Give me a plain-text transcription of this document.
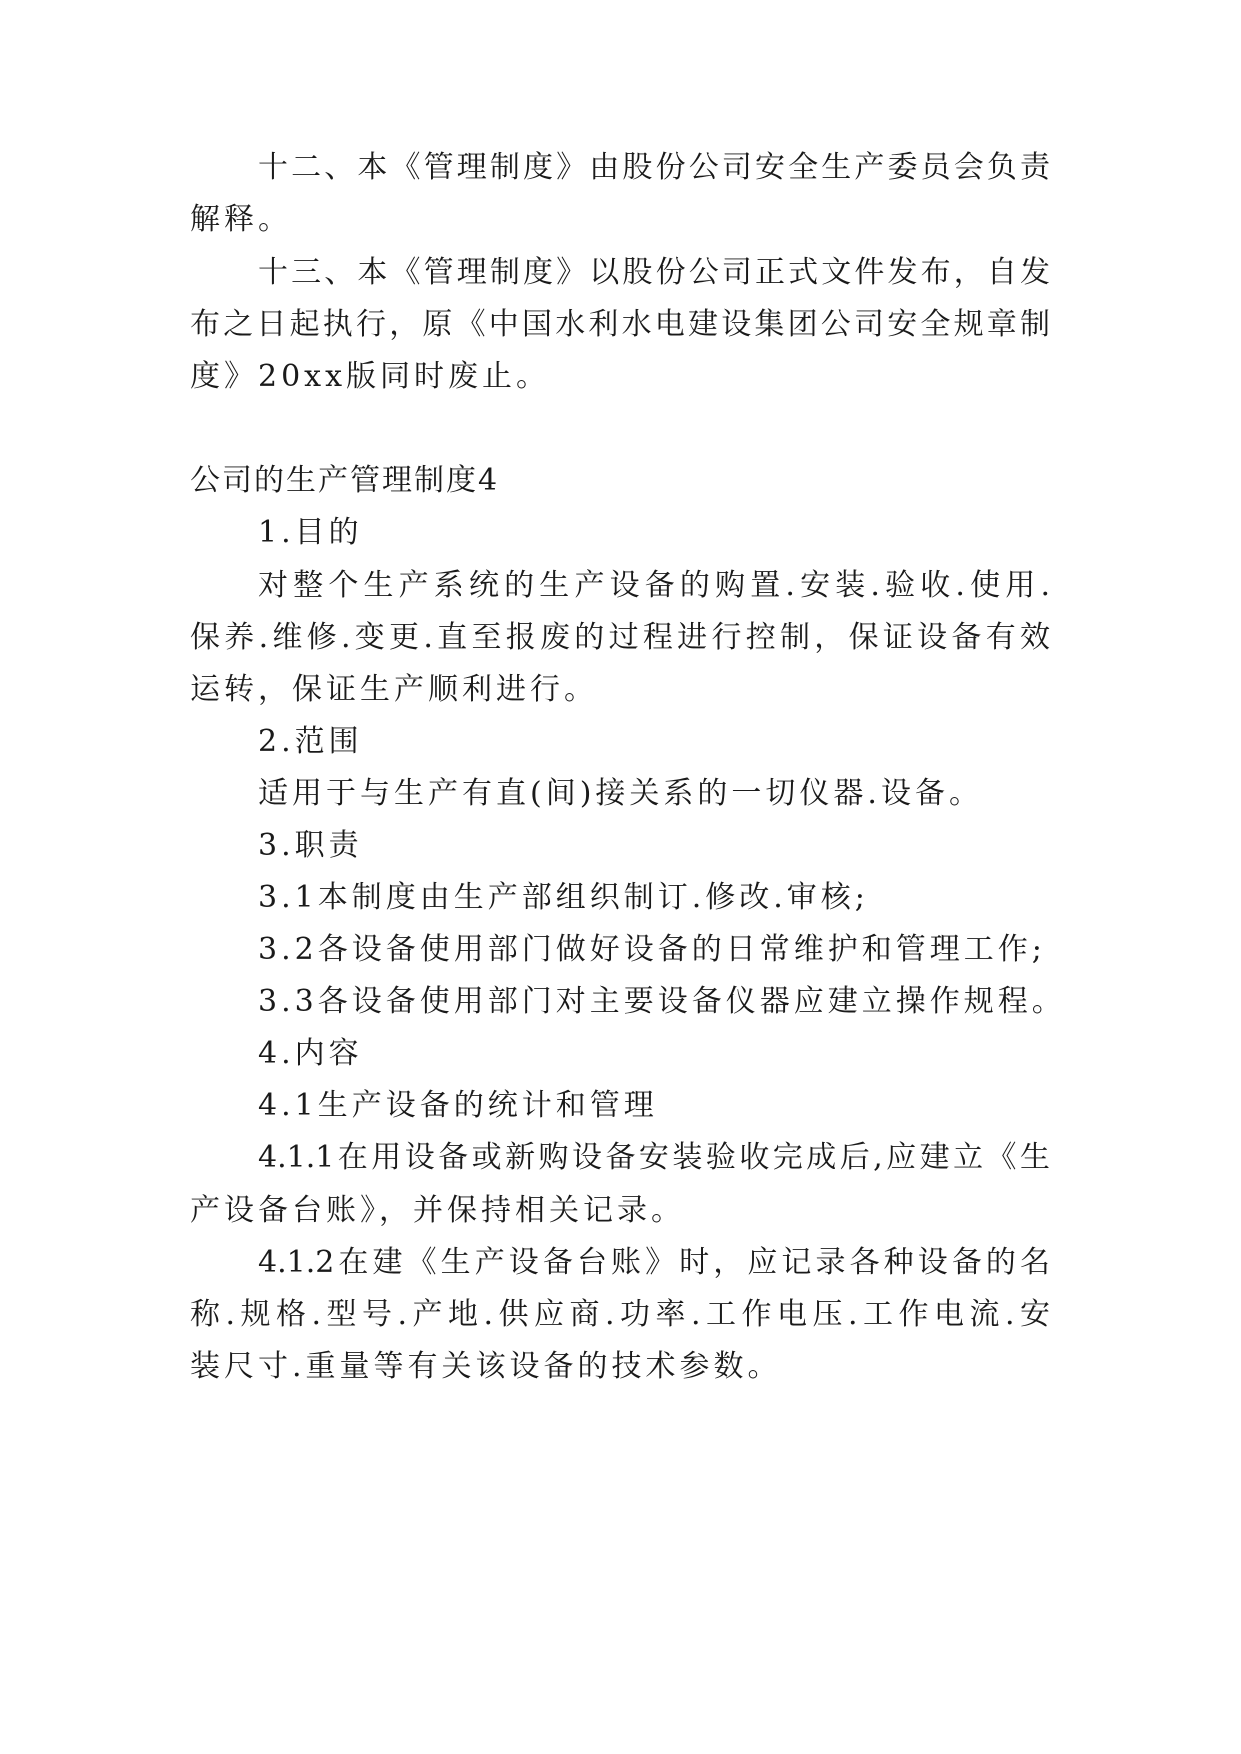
十二、本《管理制度》由股份公司安全生产委员会负责
解释。
十三、本《管理制度》以股份公司正式文件发布，自发
布之日起执行，原《中国水利水电建设集团公司安全规章制
度》20xx版同时废止。
公司的生产管理制度4
1.目的
对整个生产系统的生产设备的购置.安装.验收.使用.
保养.维修.变更.直至报废的过程进行控制，保证设备有效
运转，保证生产顺利进行。
2.范围
适用于与生产有直(间)接关系的一切仪器.设备。
3.职责
3.1本制度由生产部组织制订.修改.审核;
3.2各设备使用部门做好设备的日常维护和管理工作;
3.3各设备使用部门对主要设备仪器应建立操作规程。
4.内容
4.1生产设备的统计和管理
4.1.1在用设备或新购设备安装验收完成后,应建立《生
产设备台账》，并保持相关记录。
4.1.2在建《生产设备台账》时，应记录各种设备的名
称.规格.型号.产地.供应商.功率.工作电压.工作电流.安
装尺寸.重量等有关该设备的技术参数。
